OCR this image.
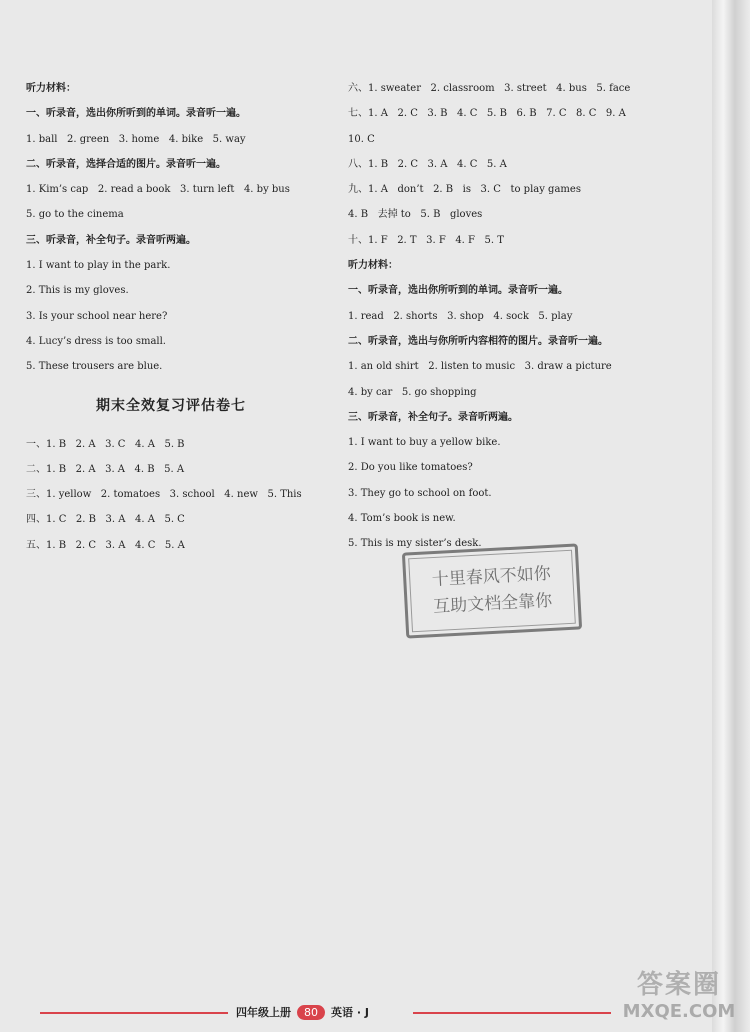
听力材料：
一、听录音，选出你所听到的单词。录音听一遍。
1. ball   2. green   3. home   4. bike   5. way
二、听录音，选择合适的图片。录音听一遍。
1. Kim’s cap   2. read a book   3. turn left   4. by bus
5. go to the cinema
三、听录音，补全句子。录音听两遍。
1. I want to play in the park.
2. This is my gloves.
3. Is your school near here?
4. Lucy’s dress is too small.
5. These trousers are blue.
期末全效复习评估卷七
一、1. B   2. A   3. C   4. A   5. B
二、1. B   2. A   3. A   4. B   5. A
三、1. yellow   2. tomatoes   3. school   4. new   5. This
四、1. C   2. B   3. A   4. A   5. C
五、1. B   2. C   3. A   4. C   5. A
六、1. sweater   2. classroom   3. street   4. bus   5. face
七、1. A   2. C   3. B   4. C   5. B   6. B   7. C   8. C   9. A
10. C
八、1. B   2. C   3. A   4. C   5. A
九、1. A   don’t   2. B   is   3. C   to play games
4. B   去掉 to   5. B   gloves
十、1. F   2. T   3. F   4. F   5. T
听力材料：
一、听录音，选出你所听到的单词。录音听一遍。
1. read   2. shorts   3. shop   4. sock   5. play
二、听录音，选出与你所听内容相符的图片。录音听一遍。
1. an old shirt   2. listen to music   3. draw a picture
4. by car   5. go shopping
三、听录音，补全句子。录音听两遍。
1. I want to buy a yellow bike.
2. Do you like tomatoes?
3. They go to school on foot.
4. Tom’s book is new.
5. This is my sister’s desk.
十里春风不如你
互助文档全靠你
四年级上册	80	英语 · J
答案圈
MXQE.COM
